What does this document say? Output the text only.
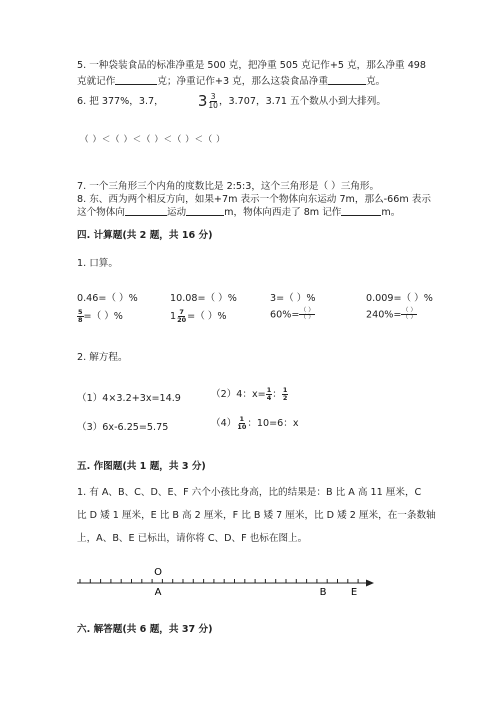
5. 一种袋装食品的标准净重是 500 克，把净重 505 克记作+5 克，那么净重 498
克就记作	克；净重记作+3 克，那么这袋食品净重	克。
6. 把 377%，3.7， $3 \frac{3}{10}$ ，3.707，3.71 五个数从小到大排列。
（ ）＜（ ）＜（ ）＜（ ）＜（ ）
7. 一个三角形三个内角的度数比是 2:5:3，这个三角形是（ ）三角形。
8. 东、西为两个相反方向，如果+7m 表示一个物体向东运动 7m，那么-66m 表示
这个物体向	运动	m，物体向西走了 8m 记作	m。
四. 计算题(共 2 题，共 16 分)
1. 口算。
0.46=（ ）%	10.08=（ ）%	3=（ ）%	0.009=（ ）%
$\frac{5}{8}$ =（ ）%	$1 \frac{7}{20}$ =（ ）%	$60\%= \frac{( )}{( )}$	$240\%= \frac{( )}{( )}$
2. 解方程。
（1）4×3.2+3x=14.9	（2）4：$x= \frac{1}{4}$ ： $\frac{1}{2}$
（3）6x-6.25=5.75	$(4) \frac{1}{10}$ ：10=6：x
五. 作图题(共 1 题，共 3 分)
1. 有 A、B、C、D、E、F 六个小孩比身高，比的结果是：B 比 A 高 11 厘米，C
比 D 矮 1 厘米，E 比 B 高 2 厘米，F 比 B 矮 7 厘米，比 D 矮 2 厘米，在一条数轴
上，A、B、E 已标出，请你将 C、D、F 也标在图上。
O
A	B E
六. 解答题(共 6 题，共 37 分)
